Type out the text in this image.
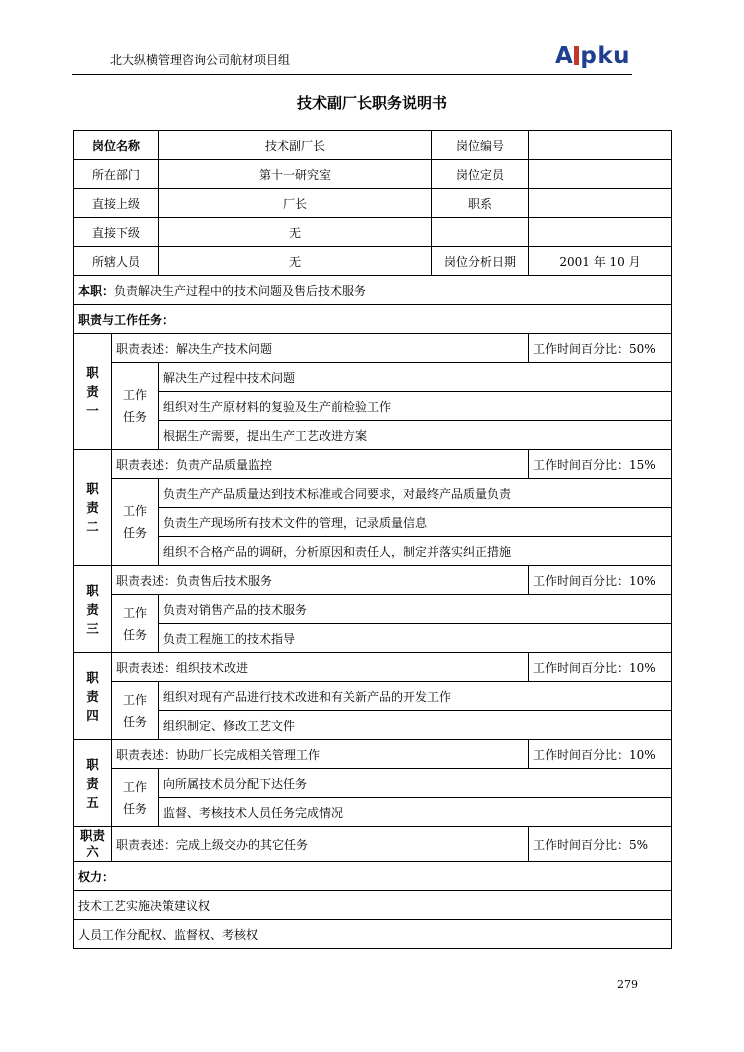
北大纵横管理咨询公司航材项目组	A pku
技术副厂长职务说明书
岗位名称		技术副厂长	岗位编号	
所在部门		第十一研究室	岗位定员	
直接上级		厂长	职系	
直接下级		无		
所辖人员		无	岗位分析日期	2001 年 10 月
本职：负责解决生产过程中的技术问题及售后技术服务				
职责与工作任务：				
职
责
一	职责表述：解决生产技术问题			工作时间百分比：50%
	工作
任务	解决生产过程中技术问题		
		组织对生产原材料的复验及生产前检验工作		
		根据生产需要，提出生产工艺改进方案		
职
责
二	职责表述：负责产品质量监控			工作时间百分比：15%
	工作
任务	负责生产产品质量达到技术标准或合同要求，对最终产品质量负责		
		负责生产现场所有技术文件的管理，记录质量信息		
		组织不合格产品的调研，分析原因和责任人，制定并落实纠正措施		
职
责
三	职责表述：负责售后技术服务			工作时间百分比：10%
	工作
任务	负责对销售产品的技术服务		
		负责工程施工的技术指导		
职
责
四	职责表述：组织技术改进			工作时间百分比：10%
	工作
任务	组织对现有产品进行技术改进和有关新产品的开发工作		
		组织制定、修改工艺文件		
职
责
五	职责表述：协助厂长完成相关管理工作			工作时间百分比：10%
	工作
任务	向所属技术员分配下达任务		
		监督、考核技术人员任务完成情况		
职责
六	职责表述：完成上级交办的其它任务			工作时间百分比：5%
权力：				
技术工艺实施决策建议权				
人员工作分配权、监督权、考核权				
279
